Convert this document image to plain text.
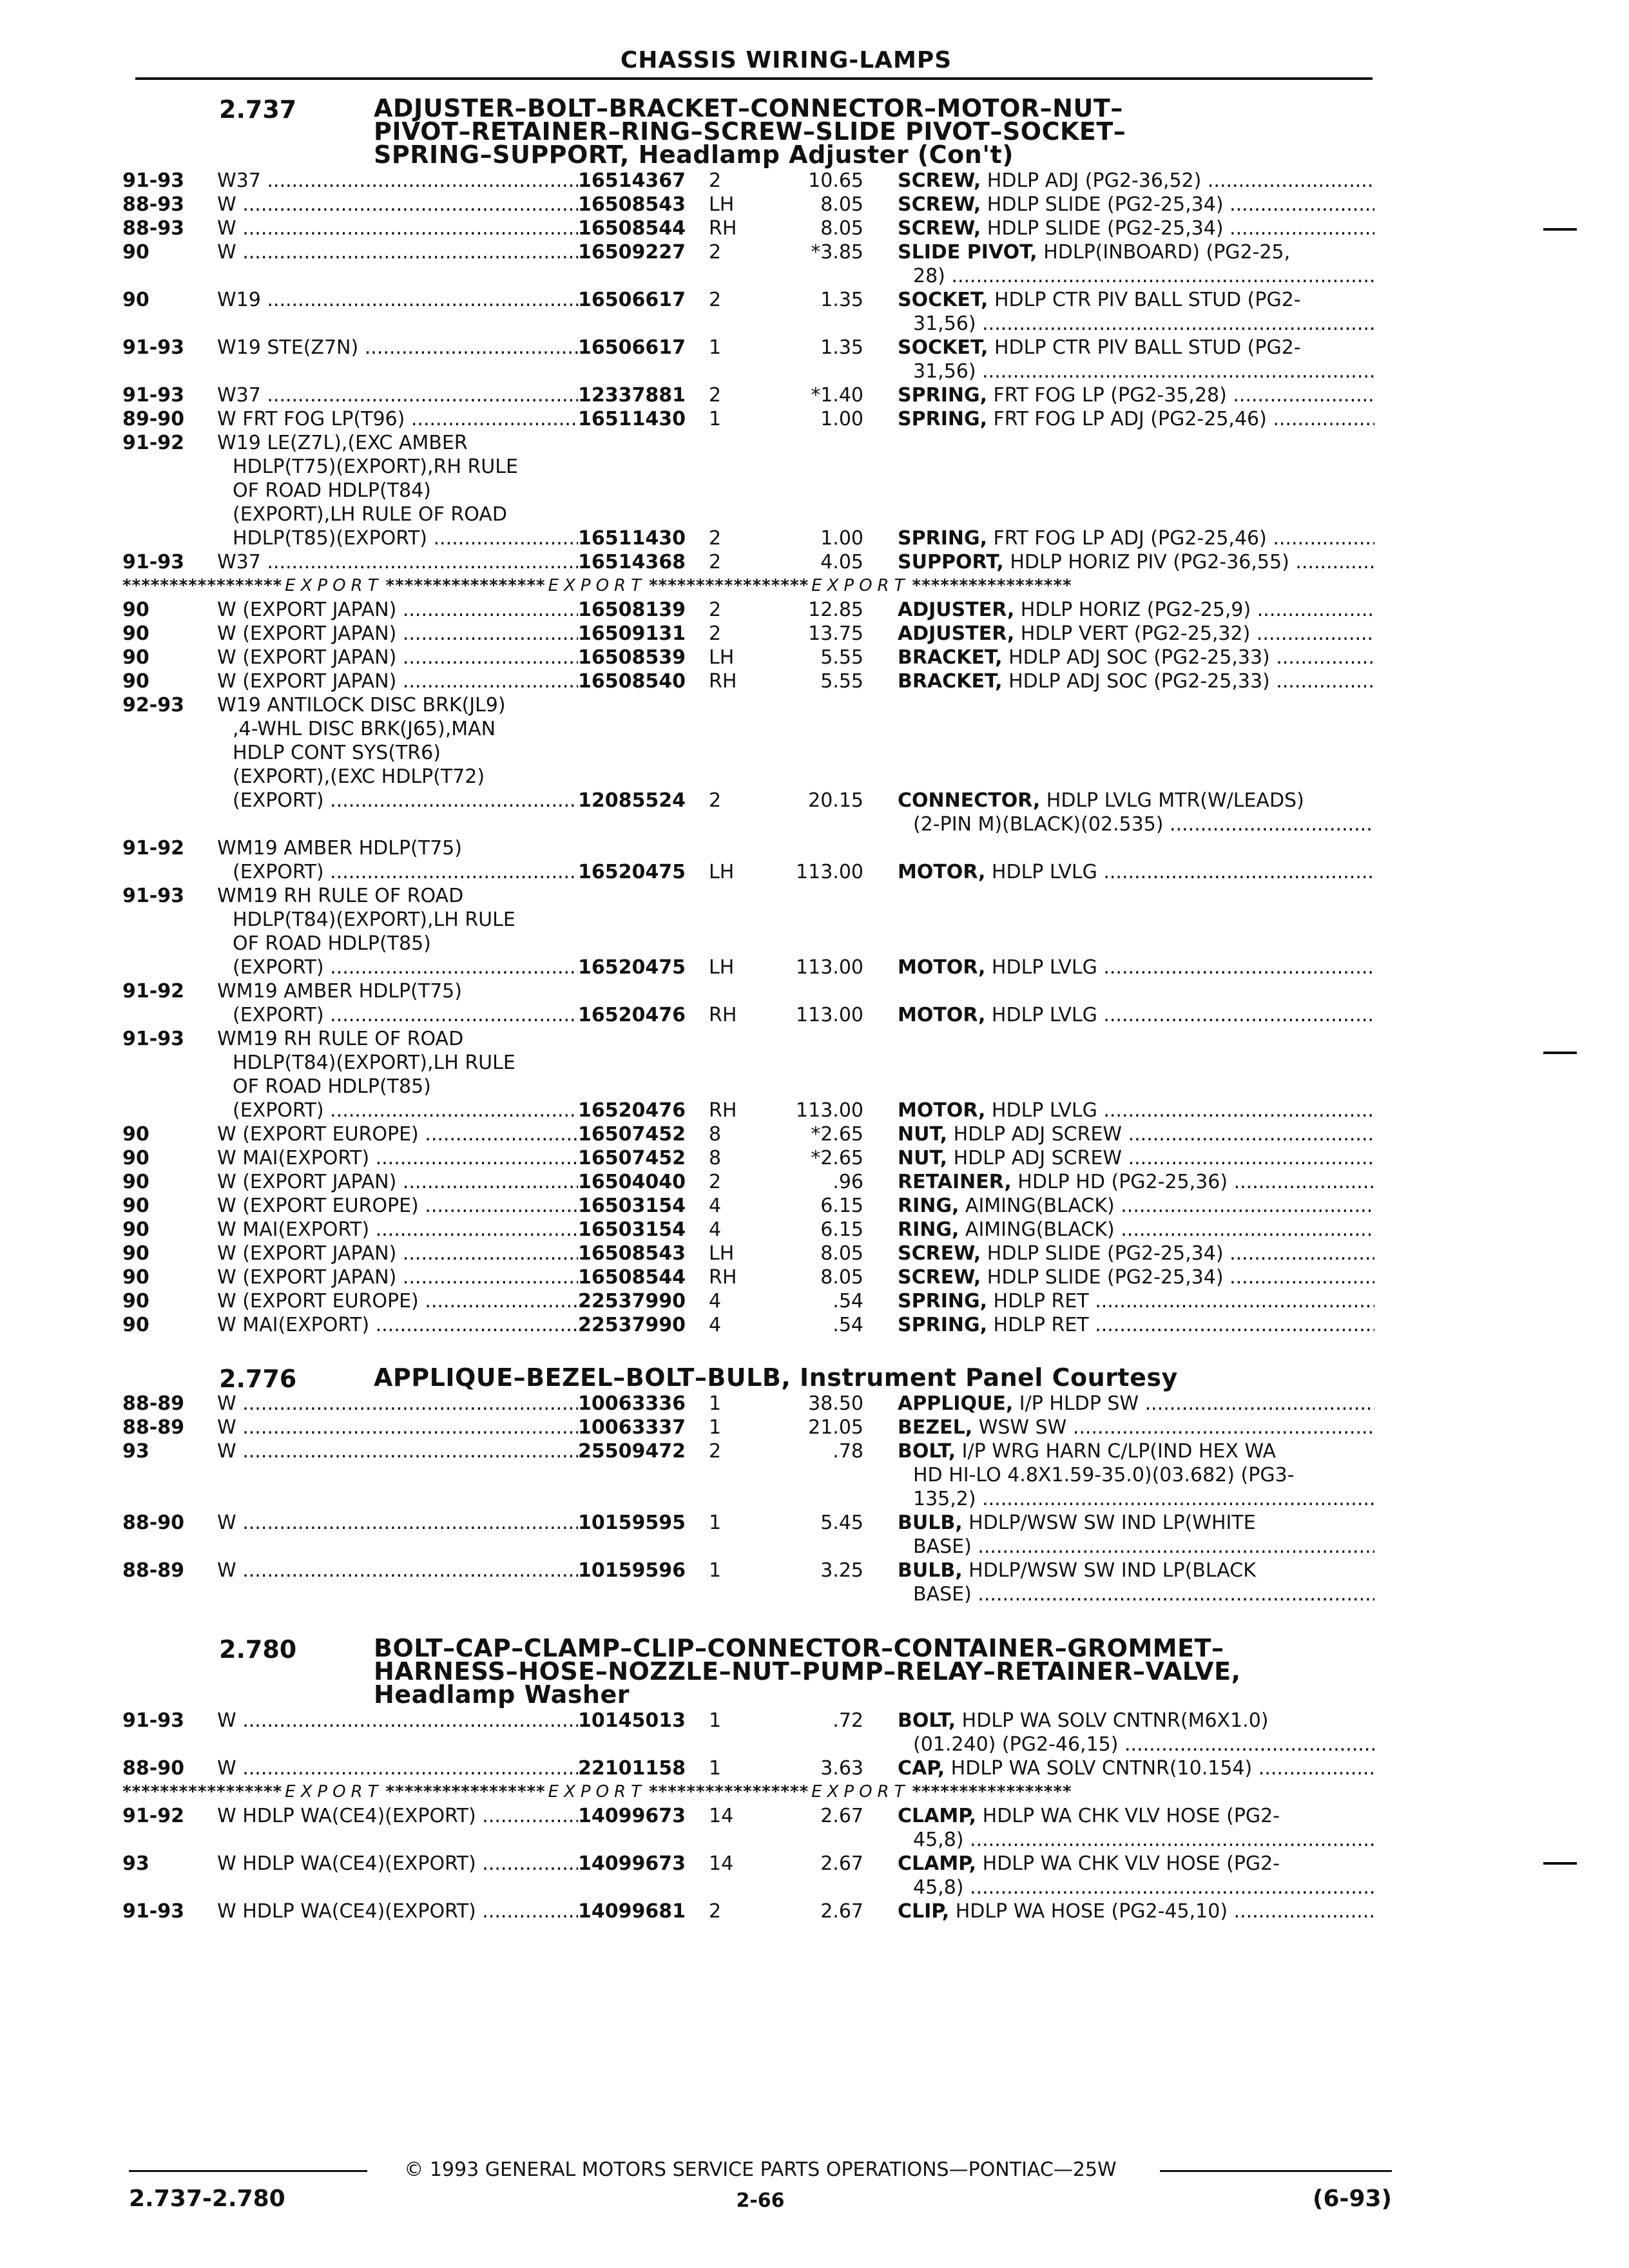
CHASSIS WIRING-LAMPS
2.737	ADJUSTER–BOLT–BRACKET–CONNECTOR–MOTOR–NUT–
PIVOT–RETAINER–RING–SCREW–SLIDE PIVOT–SOCKET–
SPRING–SUPPORT, Headlamp Adjuster (Con't)
91-93	W37 .....	16514367	2	10.65 SCREW, HDLP ADJ (PG2-36,52) .....
88-93	W .....	16508543	LH	8.05 SCREW, HDLP SLIDE (PG2-25,34) .....
88-93	W .....	16508544	RH	8.05 SCREW, HDLP SLIDE (PG2-25,34) .....
90	W .....	16509227	2	*3.85 SLIDE PIVOT, HDLP(INBOARD) (PG2-25,
28) .....
90	W19 .....	16506617	2	1.35 SOCKET, HDLP CTR PIV BALL STUD (PG2-
31,56) .....
91-93	W19 STE(Z7N) .....	16506617	1	1.35 SOCKET, HDLP CTR PIV BALL STUD (PG2-
31,56) .....
91-93	W37 .....	12337881	2	*1.40 SPRING, FRT FOG LP (PG2-35,28) .....
89-90	W FRT FOG LP(T96) .....	16511430	1	1.00 SPRING, FRT FOG LP ADJ (PG2-25,46) .....
91-92	W19 LE(Z7L),(EXC AMBER
HDLP(T75)(EXPORT),RH RULE
OF ROAD HDLP(T84)
(EXPORT),LH RULE OF ROAD
HDLP(T85)(EXPORT) .....	16511430	2	1.00 SPRING, FRT FOG LP ADJ (PG2-25,46) .....
91-93	W37 .....	16514368	2	4.05 SUPPORT, HDLP HORIZ PIV (PG2-36,55) .....
***************** EXPORT ***************** EXPORT ***************** EXPORT *****************
90	W (EXPORT JAPAN) .....	16508139	2	12.85 ADJUSTER, HDLP HORIZ (PG2-25,9) .....
90	W (EXPORT JAPAN) .....	16509131	2	13.75 ADJUSTER, HDLP VERT (PG2-25,32) .....
90	W (EXPORT JAPAN) .....	16508539	LH	5.55 BRACKET, HDLP ADJ SOC (PG2-25,33) .....
90	W (EXPORT JAPAN) .....	16508540	RH	5.55 BRACKET, HDLP ADJ SOC (PG2-25,33) .....
92-93	W19 ANTILOCK DISC BRK(JL9)
,4-WHL DISC BRK(J65),MAN
HDLP CONT SYS(TR6)
(EXPORT),(EXC HDLP(T72)
(EXPORT) .....	12085524	2	20.15 CONNECTOR, HDLP LVLG MTR(W/LEADS)
(2-PIN M)(BLACK)(02.535) .....
91-92	WM19 AMBER HDLP(T75)
(EXPORT) .....	16520475	LH	113.00 MOTOR, HDLP LVLG .....
91-93	WM19 RH RULE OF ROAD
HDLP(T84)(EXPORT),LH RULE
OF ROAD HDLP(T85)
(EXPORT) .....	16520475	LH	113.00 MOTOR, HDLP LVLG .....
91-92	WM19 AMBER HDLP(T75)
(EXPORT) .....	16520476	RH	113.00 MOTOR, HDLP LVLG .....
91-93	WM19 RH RULE OF ROAD
HDLP(T84)(EXPORT),LH RULE
OF ROAD HDLP(T85)
(EXPORT) .....	16520476	RH	113.00 MOTOR, HDLP LVLG .....
90	W (EXPORT EUROPE) .....	16507452	8	*2.65 NUT, HDLP ADJ SCREW .....
90	W MAI(EXPORT) .....	16507452	8	*2.65 NUT, HDLP ADJ SCREW .....
90	W (EXPORT JAPAN) .....	16504040	2	.96 RETAINER, HDLP HD (PG2-25,36) .....
90	W (EXPORT EUROPE) .....	16503154	4	6.15 RING, AIMING(BLACK) .....
90	W MAI(EXPORT) .....	16503154	4	6.15 RING, AIMING(BLACK) .....
90	W (EXPORT JAPAN) .....	16508543	LH	8.05 SCREW, HDLP SLIDE (PG2-25,34) .....
90	W (EXPORT JAPAN) .....	16508544	RH	8.05 SCREW, HDLP SLIDE (PG2-25,34) .....
90	W (EXPORT EUROPE) .....	22537990	4	.54 SPRING, HDLP RET .....
90	W MAI(EXPORT) .....	22537990	4	.54 SPRING, HDLP RET .....
2.776	APPLIQUE–BEZEL–BOLT–BULB, Instrument Panel Courtesy
88-89	W .....	10063336	1	38.50 APPLIQUE, I/P HLDP SW .....
88-89	W .....	10063337	1	21.05 BEZEL, WSW SW .....
93	W .....	25509472	2	.78 BOLT, I/P WRG HARN C/LP(IND HEX WA
HD HI-LO 4.8X1.59-35.0)(03.682) (PG3-
135,2) .....
88-90	W .....	10159595	1	5.45 BULB, HDLP/WSW SW IND LP(WHITE
BASE) .....
88-89	W .....	10159596	1	3.25 BULB, HDLP/WSW SW IND LP(BLACK
BASE) .....
2.780	BOLT–CAP–CLAMP–CLIP–CONNECTOR–CONTAINER–GROMMET–
HARNESS–HOSE–NOZZLE–NUT–PUMP–RELAY–RETAINER–VALVE,
Headlamp Washer
91-93	W .....	10145013	1	.72 BOLT, HDLP WA SOLV CNTNR(M6X1.0)
(01.240) (PG2-46,15) .....
88-90	W .....	22101158	1	3.63 CAP, HDLP WA SOLV CNTNR(10.154) .....
***************** EXPORT ***************** EXPORT ***************** EXPORT *****************
91-92	W HDLP WA(CE4)(EXPORT) .....	14099673	14	2.67 CLAMP, HDLP WA CHK VLV HOSE (PG2-
45,8) .....
93	W HDLP WA(CE4)(EXPORT) .....	14099673	14	2.67 CLAMP, HDLP WA CHK VLV HOSE (PG2-
45,8) .....
91-93	W HDLP WA(CE4)(EXPORT) .....	14099681	2	2.67 CLIP, HDLP WA HOSE (PG2-45,10) .....
© 1993 GENERAL MOTORS SERVICE PARTS OPERATIONS—PONTIAC—25W
2.737-2.780	2-66	(6-93)
